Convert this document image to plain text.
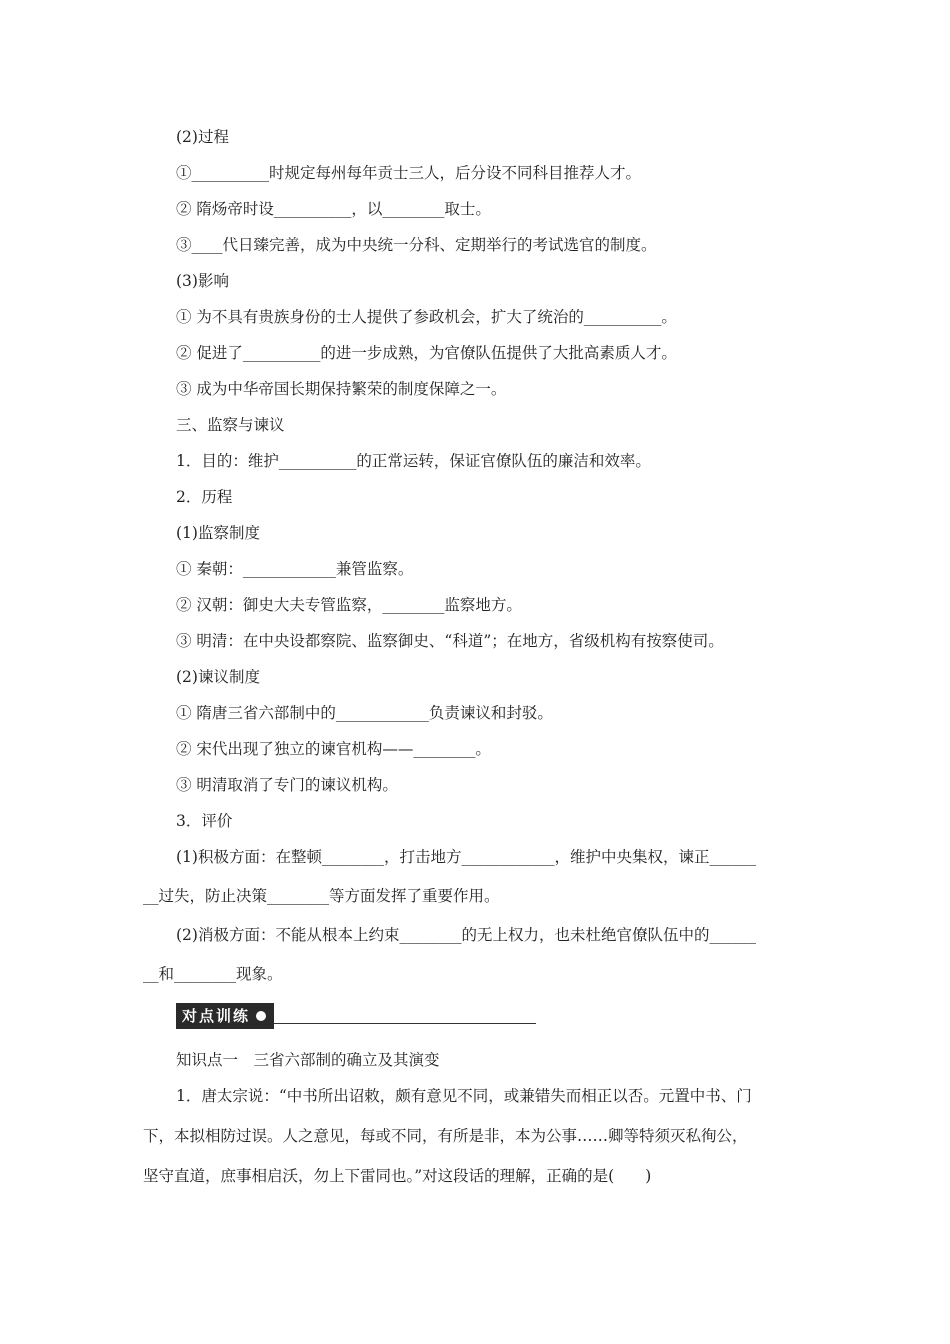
(2)过程
①__________时规定每州每年贡士三人，后分设不同科目推荐人才。
② 隋炀帝时设__________，以________取士。
③____代日臻完善，成为中央统一分科、定期举行的考试选官的制度。
(3)影响
① 为不具有贵族身份的士人提供了参政机会，扩大了统治的__________。
② 促进了__________的进一步成熟，为官僚队伍提供了大批高素质人才。
③ 成为中华帝国长期保持繁荣的制度保障之一。
三、监察与谏议
1．目的：维护__________的正常运转，保证官僚队伍的廉洁和效率。
2．历程
(1)监察制度
① 秦朝：____________兼管监察。
② 汉朝：御史大夫专管监察，________监察地方。
③ 明清：在中央设都察院、监察御史、“科道”；在地方，省级机构有按察使司。
(2)谏议制度
① 隋唐三省六部制中的____________负责谏议和封驳。
② 宋代出现了独立的谏官机构——________。
③ 明清取消了专门的谏议机构。
3．评价
(1)积极方面：在整顿________，打击地方____________，维护中央集权，谏正______
__过失，防止决策________等方面发挥了重要作用。
(2)消极方面：不能从根本上约束________的无上权力，也未杜绝官僚队伍中的______
__和________现象。
对点训练
知识点一　三省六部制的确立及其演变
1．唐太宗说：“中书所出诏敕，颇有意见不同，或兼错失而相正以否。元置中书、门
下，本拟相防过误。人之意见，每或不同，有所是非，本为公事……卿等特须灭私徇公，
坚守直道，庶事相启沃，勿上下雷同也。”对这段话的理解，正确的是(　　)
